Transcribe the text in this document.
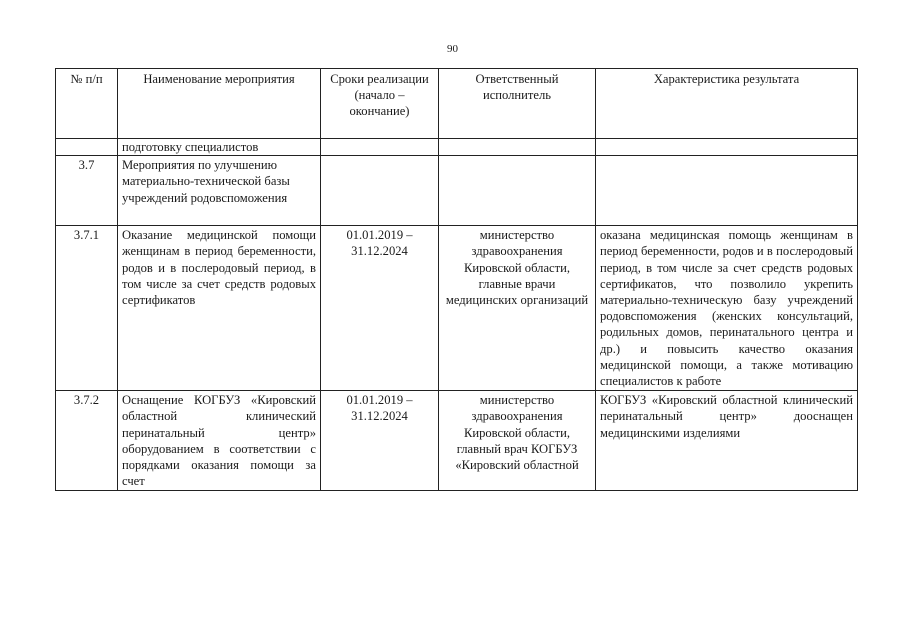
90
№ п/п	Наименование мероприятия	Сроки реализации (начало – окончание)	Ответственный исполнитель	Характеристика результата
	подготовку специалистов			
3.7	Мероприятия по улучшению материально-технической базы учреждений родовспоможения			
3.7.1	Оказание медицинской помощи женщинам в период беременности, родов и в послеродовый период, в том числе за счет средств родовых сертификатов	01.01.2019 – 31.12.2024	министерство здравоохранения Кировской области, главные врачи медицинских организаций	оказана медицинская помощь женщинам в период беременности, родов и в послеродовый период, в том числе за счет средств родовых сертификатов, что позволило укрепить материально-техническую базу учреждений родовспоможения (женских консультаций, родильных домов, перинатального центра и др.) и повысить качество оказания медицинской помощи, а также мотивацию специалистов к работе
3.7.2	Оснащение КОГБУЗ «Кировский областной клинический перинатальный центр» оборудованием в соответствии с порядками оказания помощи за счет	01.01.2019 – 31.12.2024	министерство здравоохранения Кировской области, главный врач КОГБУЗ «Кировский областной	КОГБУЗ «Кировский областной клинический перинатальный центр» дооснащен медицинскими изделиями
